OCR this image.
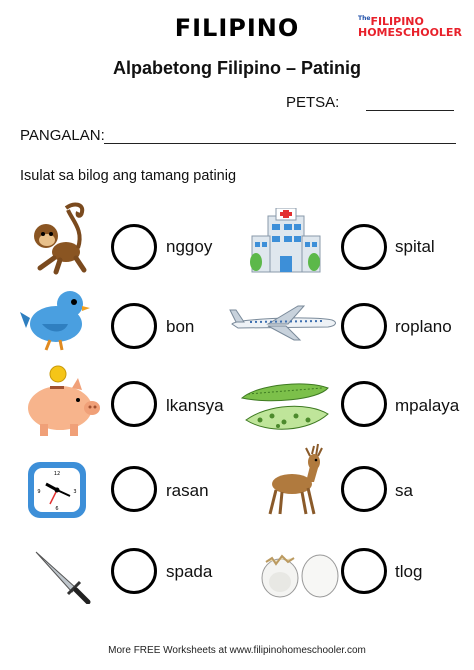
FILIPINO	$^{The}$FILIPINO
HOMESCHOOLER
Alpabetong Filipino – Patinig
PETSA:
PANGALAN:
Isulat sa bilog ang tamang patinig
nggoy	spital
bon	roplano
lkansya	mpalaya
12
3
6
9	rasan	sa
spada	tlog
More FREE Worksheets at www.filipinohomeschooler.com
